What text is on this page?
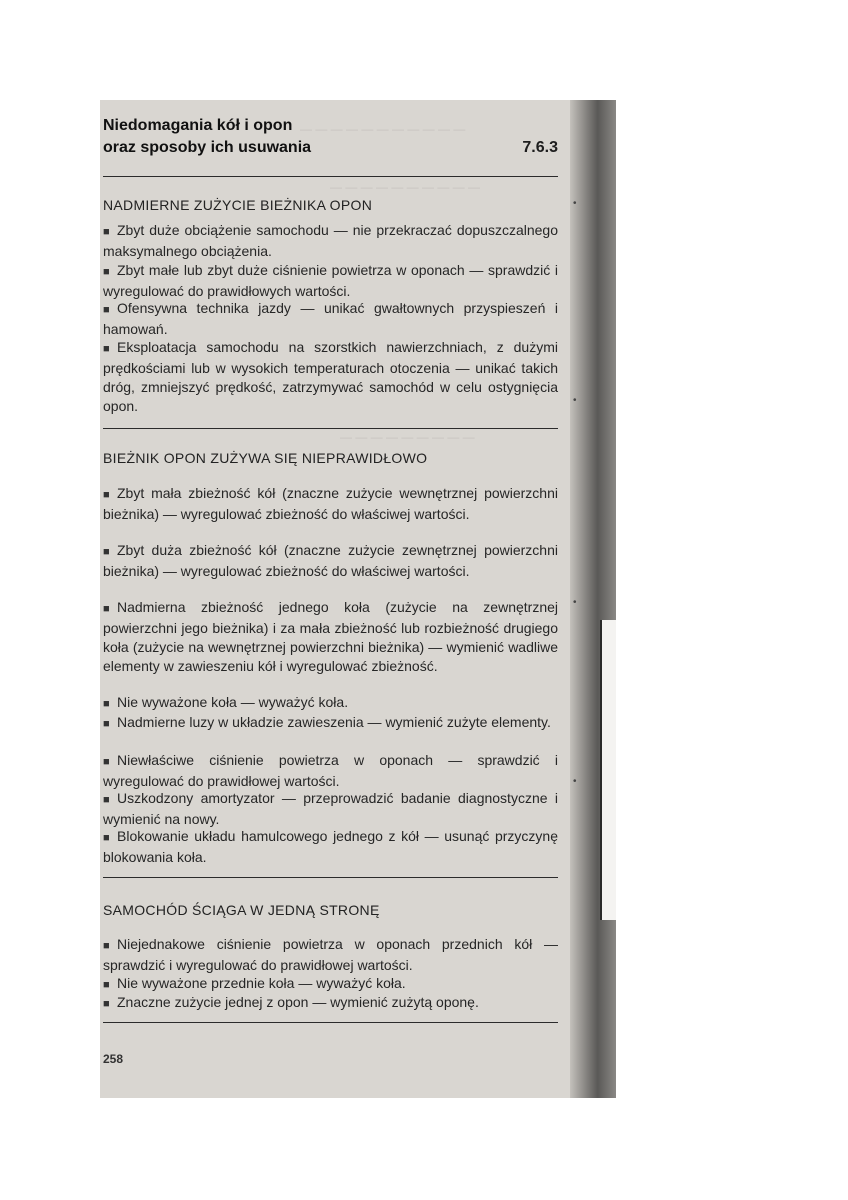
— — — — — — — — — — —
— — — — — — — — — —
— — — — — — — — —
Niedomagania kół i opon
oraz sposoby ich usuwania	7.6.3
NADMIERNE ZUŻYCIE BIEŻNIKA OPON
■ Zbyt duże obciążenie samochodu — nie przekraczać dopuszczalnego maksymalnego obciążenia.
■ Zbyt małe lub zbyt duże ciśnienie powietrza w oponach — sprawdzić i wyregulować do prawidłowych wartości.
■ Ofensywna technika jazdy — unikać gwałtownych przyspieszeń i hamowań.
■ Eksploatacja samochodu na szorstkich nawierzchniach, z dużymi prędkościami lub w wysokich temperaturach otoczenia — unikać takich dróg, zmniejszyć prędkość, zatrzymywać samochód w celu ostygnięcia opon.
BIEŻNIK OPON ZUŻYWA SIĘ NIEPRAWIDŁOWO
■ Zbyt mała zbieżność kół (znaczne zużycie wewnętrznej powierzchni bieżnika) — wyregulować zbieżność do właściwej wartości.
■ Zbyt duża zbieżność kół (znaczne zużycie zewnętrznej powierzchni bieżnika) — wyregulować zbieżność do właściwej wartości.
■ Nadmierna zbieżność jednego koła (zużycie na zewnętrznej powierzchni jego bieżnika) i za mała zbieżność lub rozbieżność drugiego koła (zużycie na wewnętrznej powierzchni bieżnika) — wymienić wadliwe elementy w zawieszeniu kół i wyregulować zbieżność.
■ Nie wyważone koła — wyważyć koła.
■ Nadmierne luzy w układzie zawieszenia — wymienić zużyte elementy.
■ Niewłaściwe ciśnienie powietrza w oponach — sprawdzić i wyregulować do prawidłowej wartości.
■ Uszkodzony amortyzator — przeprowadzić badanie diagnostyczne i wymienić na nowy.
■ Blokowanie układu hamulcowego jednego z kół — usunąć przyczynę blokowania koła.
SAMOCHÓD ŚCIĄGA W JEDNĄ STRONĘ
■ Niejednakowe ciśnienie powietrza w oponach przednich kół — sprawdzić i wyregulować do prawidłowej wartości.
■ Nie wyważone przednie koła — wyważyć koła.
■ Znaczne zużycie jednej z opon — wymienić zużytą oponę.
258
•
•
•
•
